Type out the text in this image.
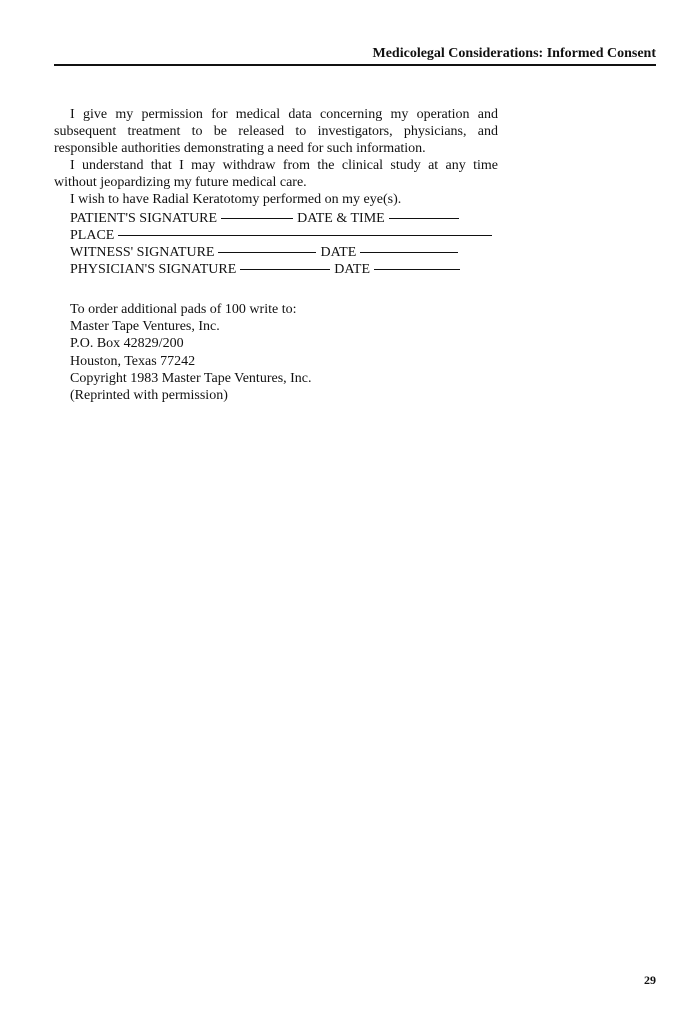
Medicolegal Considerations: Informed Consent

I give my permission for medical data concerning my operation and subsequent treatment to be released to investigators, physicians, and responsible authorities demonstrating a need for such information.

I understand that I may withdraw from the clinical study at any time without jeopardizing my future medical care.

I wish to have Radial Keratotomy performed on my eye(s).

PATIENT'S SIGNATURE	DATE & TIME
PLACE
WITNESS' SIGNATURE	DATE
PHYSICIAN'S SIGNATURE	DATE
To order additional pads of 100 write to:
Master Tape Ventures, Inc.
P.O. Box 42829/200
Houston, Texas 77242
Copyright 1983 Master Tape Ventures, Inc.
(Reprinted with permission)
29
